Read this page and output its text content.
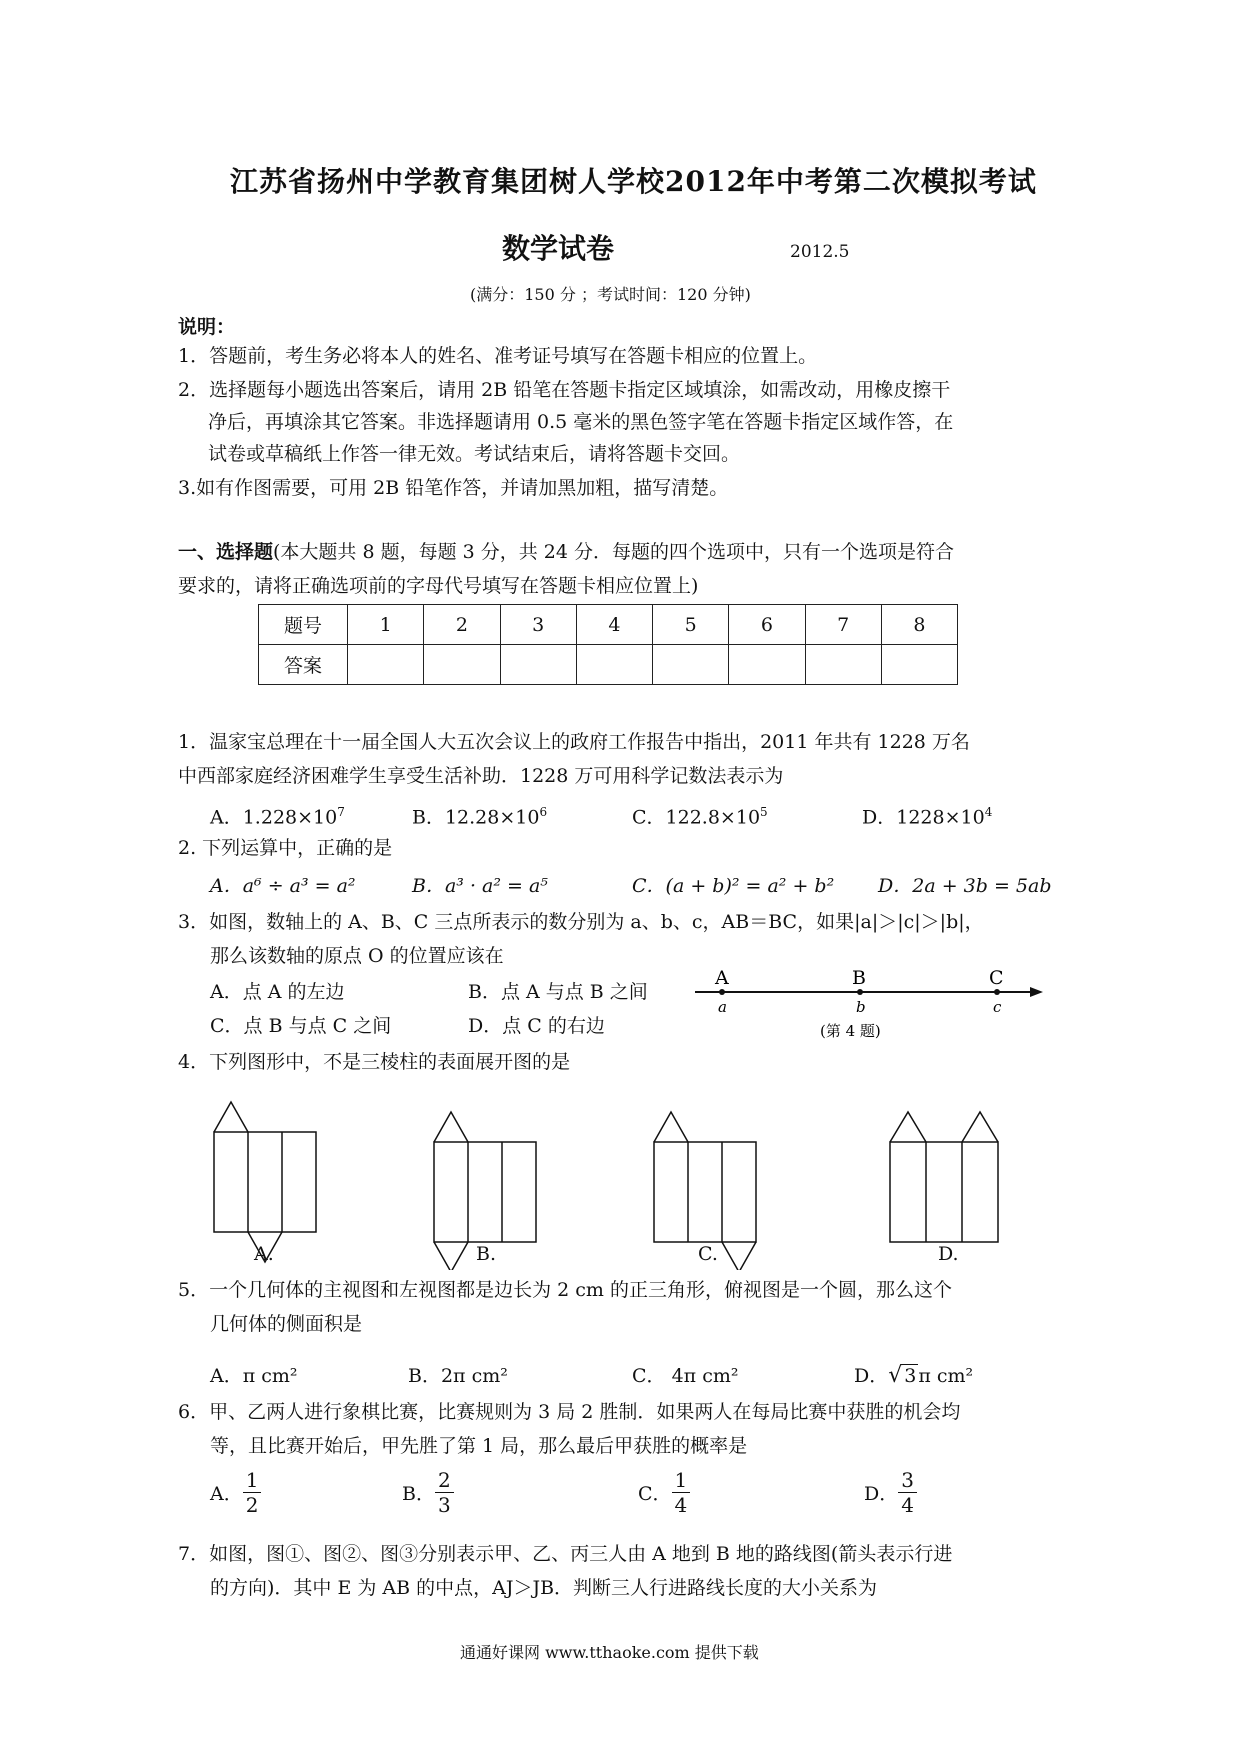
江苏省扬州中学教育集团树人学校2012年中考第二次模拟考试
数学试卷	2012.5
(满分：150 分 ；考试时间：120 分钟)
说明：
1．答题前，考生务必将本人的姓名、准考证号填写在答题卡相应的位置上。
2．选择题每小题选出答案后，请用 2B 铅笔在答题卡指定区域填涂，如需改动，用橡皮擦干
净后，再填涂其它答案。非选择题请用 0.5 毫米的黑色签字笔在答题卡指定区域作答，在
试卷或草稿纸上作答一律无效。考试结束后，请将答题卡交回。
3.如有作图需要，可用 2B 铅笔作答，并请加黑加粗，描写清楚。
一、选择题(本大题共 8 题，每题 3 分，共 24 分．每题的四个选项中，只有一个选项是符合
要求的，请将正确选项前的字母代号填写在答题卡相应位置上)
题号	1	2	3	4	5	6	7	8
答案								
1．温家宝总理在十一届全国人大五次会议上的政府工作报告中指出，2011 年共有 1228 万名
中西部家庭经济困难学生享受生活补助．1228 万可用科学记数法表示为
A．$1.228\times 10^7$	B．$12.28\times 10^6$	C．$122.8\times 10^5$	D．$1228\times 10^4$
2. 下列运算中，正确的是
A．a⁶ ÷ a³ = a²	B．a³ · a² = a⁵	C．(a + b)² = a² + b² D．2a + 3b = 5ab
3．如图，数轴上的 A、B、C 三点所表示的数分别为 a、b、c，AB＝BC，如果|a|＞|c|＞|b|，
那么该数轴的原点 O 的位置应该在
A．点 A 的左边	B．点 A 与点 B 之间
C．点 B 与点 C 之间	D．点 C 的右边
A	B	C
a	b	c
(第 4 题)
4．下列图形中，不是三棱柱的表面展开图的是
A.	B.	C.	D.
5．一个几何体的主视图和左视图都是边长为 2 cm 的正三角形，俯视图是一个圆，那么这个
几何体的侧面积是
A．π cm²	B．2π cm²	C． 4π cm²	D．√ 3 π cm²
6．甲、乙两人进行象棋比赛，比赛规则为 3 局 2 胜制．如果两人在每局比赛中获胜的机会均
等，且比赛开始后，甲先胜了第 1 局，那么最后甲获胜的概率是
A． $\frac{1}{2}$	B． $\frac{2}{3}$	C． $\frac{1}{4}$	D． $\frac{3}{4}$
7．如图，图①、图②、图③分别表示甲、乙、丙三人由 A 地到 B 地的路线图(箭头表示行进
的方向)．其中 E 为 AB 的中点，AJ＞JB．判断三人行进路线长度的大小关系为
通通好课网 www.tthaoke.com 提供下载
